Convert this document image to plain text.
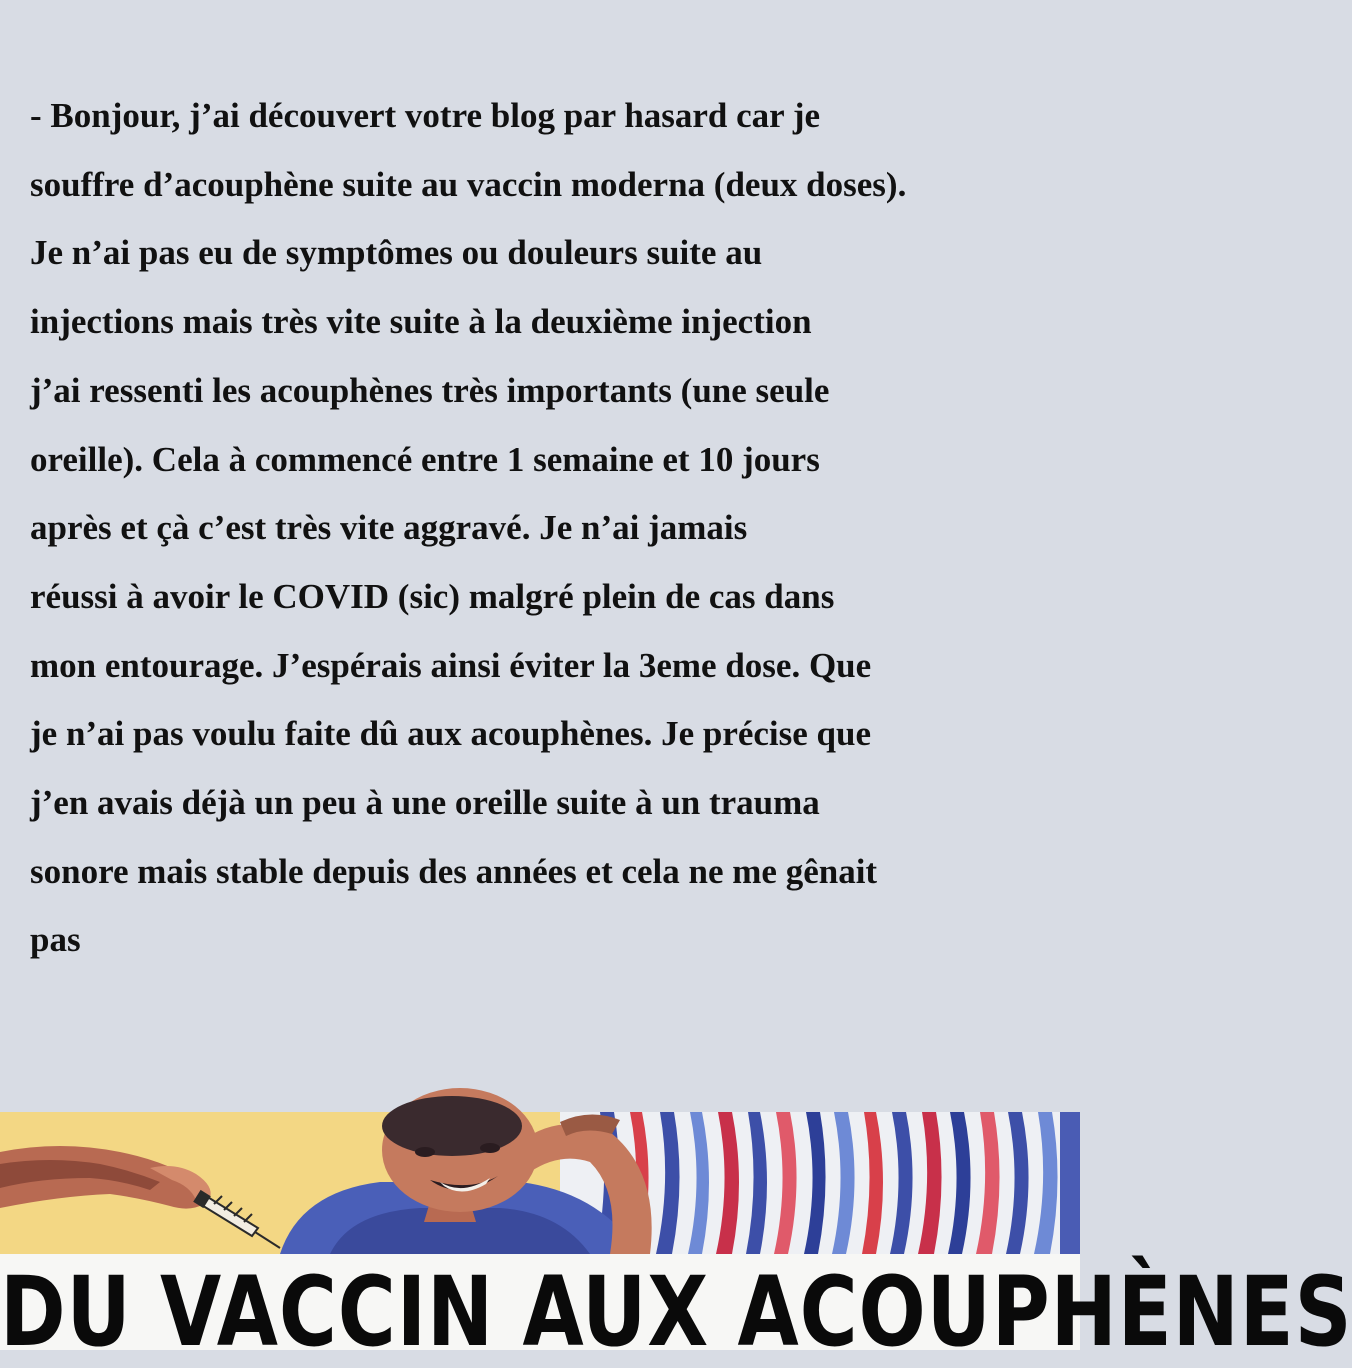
- Bonjour, j’ai découvert votre blog par hasard car je
souffre d’acouphène suite au vaccin moderna (deux doses).
Je n’ai pas eu de symptômes ou douleurs suite au
injections mais très vite suite à la deuxième injection
j’ai ressenti les acouphènes très importants (une seule
oreille). Cela à commencé entre 1 semaine et 10 jours
après et çà c’est très vite aggravé. Je n’ai jamais
réussi à avoir le COVID (sic) malgré plein de cas dans
mon entourage. J’espérais ainsi éviter la 3eme dose. Que
je n’ai pas voulu faite dû aux acouphènes. Je précise que
j’en avais déjà un peu à une oreille suite à un trauma
sonore mais stable depuis des années et cela ne me gênait
pas

DU VACCIN AUX ACOUPHÈNES
